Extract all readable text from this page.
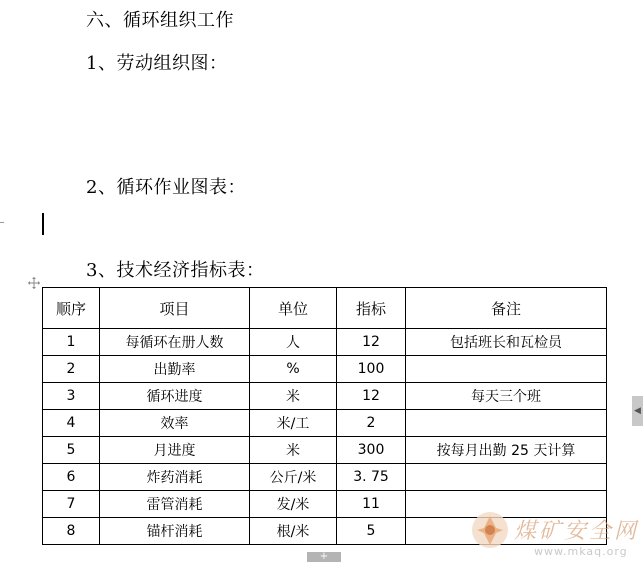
六、循环组织工作
1、劳动组织图：
2、循环作业图表：
3、技术经济指标表：
顺序	项目	单位	指标	备注
1	每循环在册人数	人	12	包括班长和瓦检员
2	出勤率	%	100	
3	循环进度	米	12	每天三个班
4	效率	米/工	2	
5	月进度	米	300	按每月出勤 25 天计算
6	炸药消耗	公斤/米	3. 75	
7	雷管消耗	发/米	11	
8	锚杆消耗	根/米	5	
◀
+
煤矿安全网
www.mkaq.org
